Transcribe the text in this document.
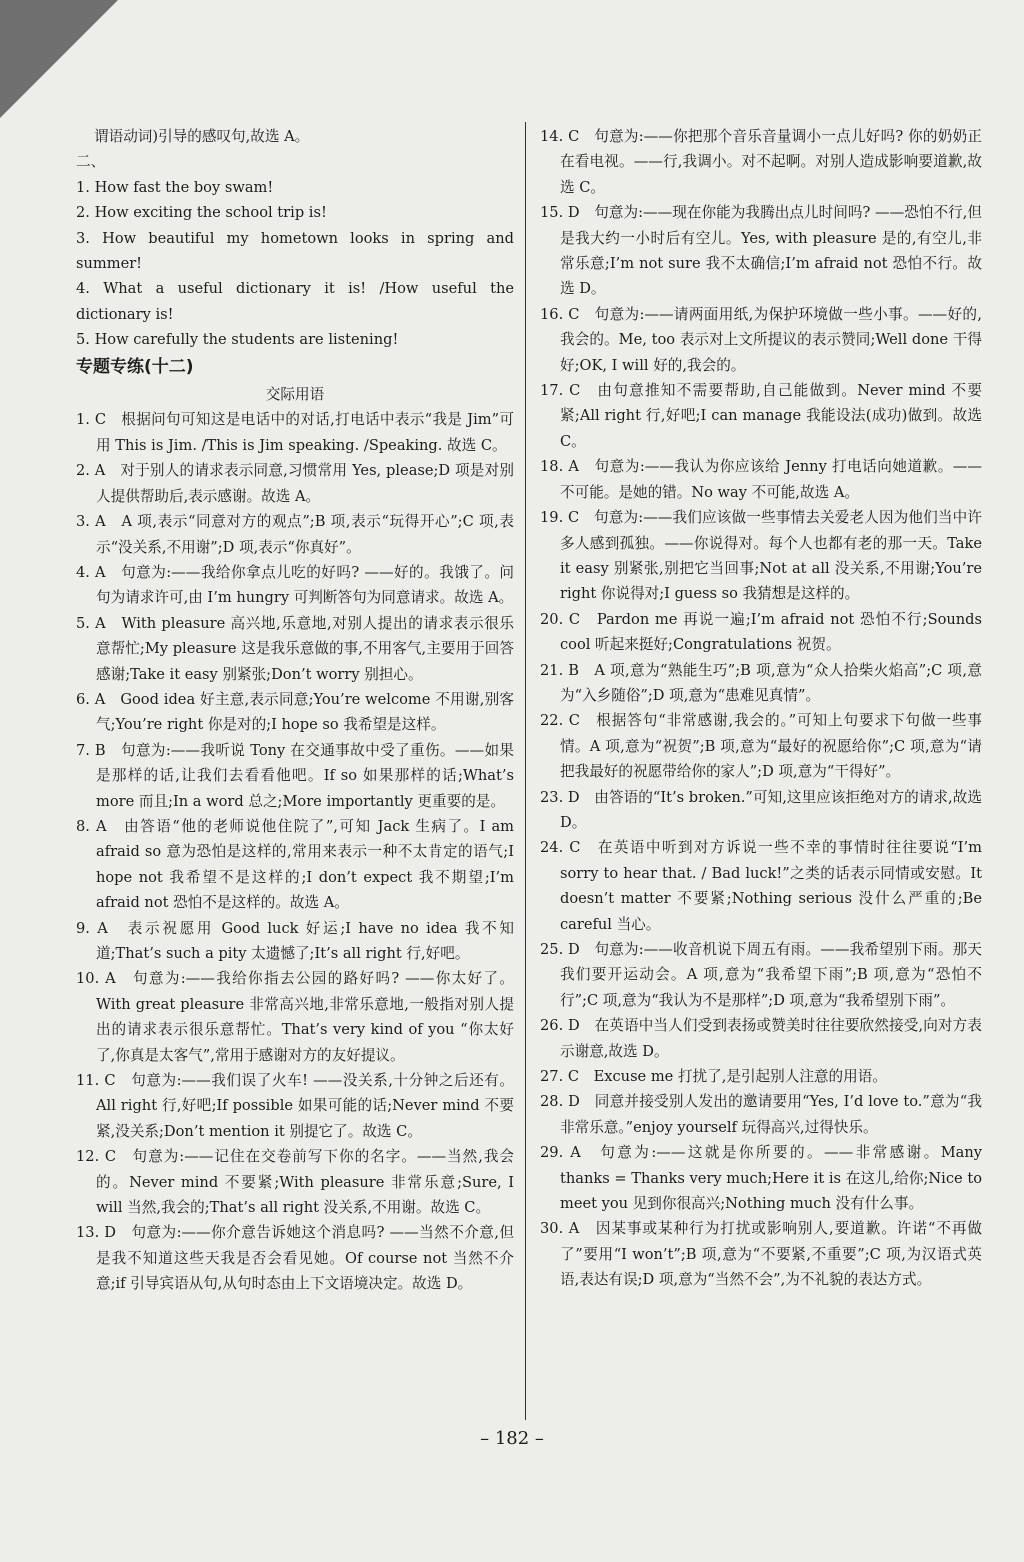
谓语动词)引导的感叹句,故选 A。

二、

1. How fast the boy swam!

2. How exciting the school trip is!

3. How beautiful my hometown looks in spring and summer!

4. What a useful dictionary it is! /How useful the dictionary is!

5. How carefully the students are listening!

专题专练(十二)

交际用语

1. C　根据问句可知这是电话中的对话,打电话中表示“我是 Jim”可用 This is Jim. /This is Jim speaking. /Speaking. 故选 C。

2. A　对于别人的请求表示同意,习惯常用 Yes, please;D 项是对别人提供帮助后,表示感谢。故选 A。

3. A　A 项,表示“同意对方的观点”;B 项,表示“玩得开心”;C 项,表示“没关系,不用谢”;D 项,表示“你真好”。

4. A　句意为:——我给你拿点儿吃的好吗? ——好的。我饿了。问句为请求许可,由 I’m hungry 可判断答句为同意请求。故选 A。

5. A　With pleasure 高兴地,乐意地,对别人提出的请求表示很乐意帮忙;My pleasure 这是我乐意做的事,不用客气,主要用于回答感谢;Take it easy 别紧张;Don’t worry 别担心。

6. A　Good idea 好主意,表示同意;You’re welcome 不用谢,别客气;You’re right 你是对的;I hope so 我希望是这样。

7. B　句意为:——我听说 Tony 在交通事故中受了重伤。——如果是那样的话,让我们去看看他吧。If so 如果那样的话;What’s more 而且;In a word 总之;More importantly 更重要的是。

8. A　由答语“他的老师说他住院了”,可知 Jack 生病了。I am afraid so 意为恐怕是这样的,常用来表示一种不太肯定的语气;I hope not 我希望不是这样的;I don’t expect 我不期望;I’m afraid not 恐怕不是这样的。故选 A。

9. A　表示祝愿用 Good luck 好运;I have no idea 我不知道;That’s such a pity 太遗憾了;It’s all right 行,好吧。

10. A　句意为:——我给你指去公园的路好吗? ——你太好了。With great pleasure 非常高兴地,非常乐意地,一般指对别人提出的请求表示很乐意帮忙。That’s very kind of you “你太好了,你真是太客气”,常用于感谢对方的友好提议。

11. C　句意为:——我们误了火车! ——没关系,十分钟之后还有。All right 行,好吧;If possible 如果可能的话;Never mind 不要紧,没关系;Don’t mention it 别提它了。故选 C。

12. C　句意为:——记住在交卷前写下你的名字。——当然,我会的。Never mind 不要紧;With pleasure 非常乐意;Sure, I will 当然,我会的;That’s all right 没关系,不用谢。故选 C。

13. D　句意为:——你介意告诉她这个消息吗? ——当然不介意,但是我不知道这些天我是否会看见她。Of course not 当然不介意;if 引导宾语从句,从句时态由上下文语境决定。故选 D。

14. C　句意为:——你把那个音乐音量调小一点儿好吗? 你的奶奶正在看电视。——行,我调小。对不起啊。对别人造成影响要道歉,故选 C。

15. D　句意为:——现在你能为我腾出点儿时间吗? ——恐怕不行,但是我大约一小时后有空儿。Yes, with pleasure 是的,有空儿,非常乐意;I’m not sure 我不太确信;I’m afraid not 恐怕不行。故选 D。

16. C　句意为:——请两面用纸,为保护环境做一些小事。——好的,我会的。Me, too 表示对上文所提议的表示赞同;Well done 干得好;OK, I will 好的,我会的。

17. C　由句意推知不需要帮助,自己能做到。Never mind 不要紧;All right 行,好吧;I can manage 我能设法(成功)做到。故选 C。

18. A　句意为:——我认为你应该给 Jenny 打电话向她道歉。——不可能。是她的错。No way 不可能,故选 A。

19. C　句意为:——我们应该做一些事情去关爱老人因为他们当中许多人感到孤独。——你说得对。每个人也都有老的那一天。Take it easy 别紧张,别把它当回事;Not at all 没关系,不用谢;You’re right 你说得对;I guess so 我猜想是这样的。

20. C　Pardon me 再说一遍;I’m afraid not 恐怕不行;Sounds cool 听起来挺好;Congratulations 祝贺。

21. B　A 项,意为“熟能生巧”;B 项,意为“众人拾柴火焰高”;C 项,意为“入乡随俗”;D 项,意为“患难见真情”。

22. C　根据答句“非常感谢,我会的。”可知上句要求下句做一些事情。A 项,意为“祝贺”;B 项,意为“最好的祝愿给你”;C 项,意为“请把我最好的祝愿带给你的家人”;D 项,意为“干得好”。

23. D　由答语的“It’s broken.”可知,这里应该拒绝对方的请求,故选 D。

24. C　在英语中听到对方诉说一些不幸的事情时往往要说“I’m sorry to hear that. / Bad luck!”之类的话表示同情或安慰。It doesn’t matter 不要紧;Nothing serious 没什么严重的;Be careful 当心。

25. D　句意为:——收音机说下周五有雨。——我希望别下雨。那天我们要开运动会。A 项,意为“我希望下雨”;B 项,意为“恐怕不行”;C 项,意为“我认为不是那样”;D 项,意为“我希望别下雨”。

26. D　在英语中当人们受到表扬或赞美时往往要欣然接受,向对方表示谢意,故选 D。

27. C　Excuse me 打扰了,是引起别人注意的用语。

28. D　同意并接受别人发出的邀请要用“Yes, I’d love to.”意为“我非常乐意。”enjoy yourself 玩得高兴,过得快乐。

29. A　句意为:——这就是你所要的。——非常感谢。Many thanks = Thanks very much;Here it is 在这儿,给你;Nice to meet you 见到你很高兴;Nothing much 没有什么事。

30. A　因某事或某种行为打扰或影响别人,要道歉。许诺“不再做了”要用“I won’t”;B 项,意为“不要紧,不重要”;C 项,为汉语式英语,表达有误;D 项,意为“当然不会”,为不礼貌的表达方式。

– 182 –
